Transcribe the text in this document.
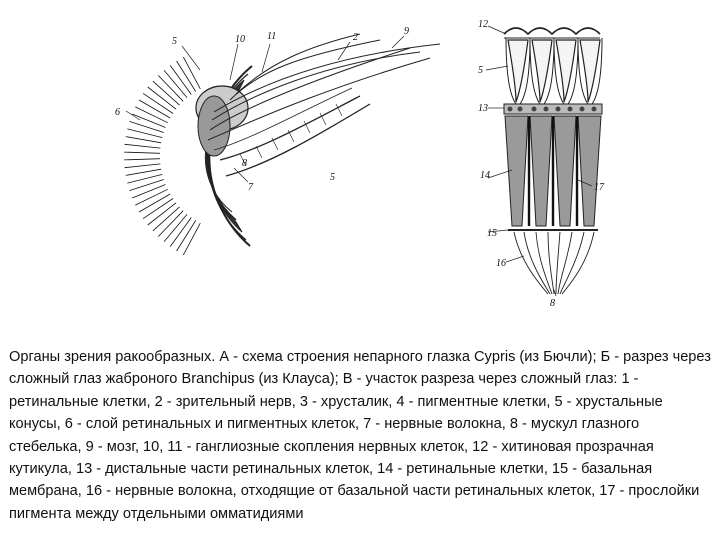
5	10 11	2
9
6
8
7
5
12
5
13
14
17
15
16
8

Органы зрения ракообразных. А - схема строения непарного глазка Cypris (из Бючли); Б - разрез через сложный глаз жаброного Branchipus (из Клауса); В - участок разреза через сложный глаз: 1 - ретинальные клетки, 2 - зрительный нерв, 3 - хрусталик, 4 - пигментные клетки, 5 - хрустальные конусы, 6 - слой ретинальных и пигментных клеток, 7 - нервные волокна, 8 - мускул глазного стебелька, 9 - мозг, 10, 11 - ганглиозные скопления нервных клеток, 12 - хитиновая прозрачная кутикула, 13 - дистальные части ретинальных клеток, 14 - ретинальные клетки, 15 - базальная мембрана, 16 - нервные волокна, отходящие от базальной части ретинальных клеток, 17 - прослойки пигмента между отдельными омматидиями
